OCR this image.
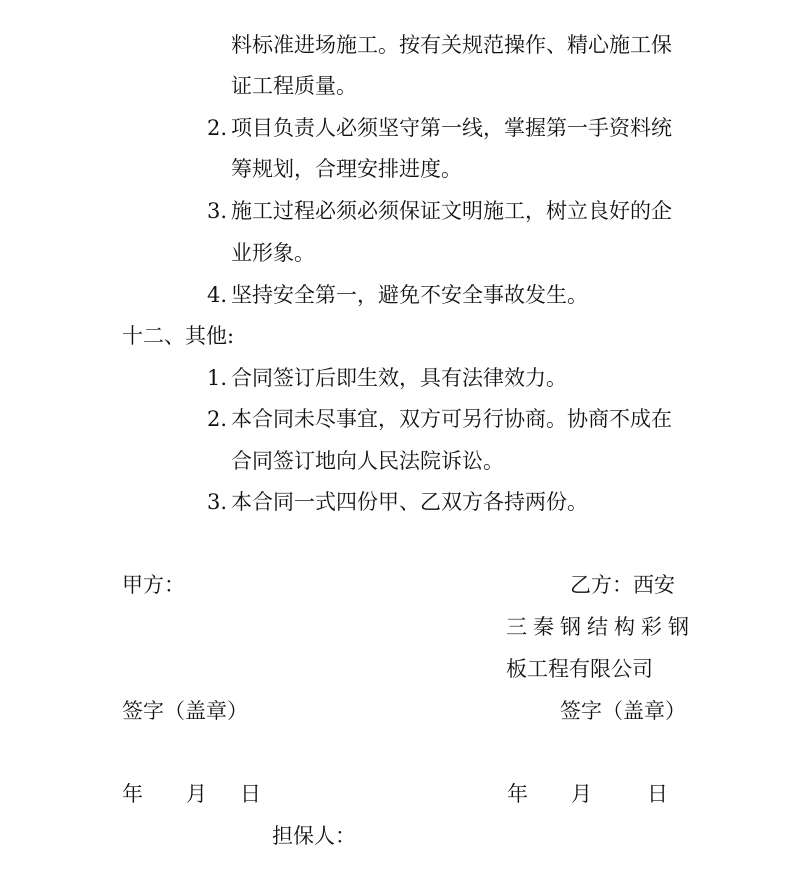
料标准进场施工。按有关规范操作、精心施工保
证工程质量。
2. 项目负责人必须坚守第一线，掌握第一手资料统
筹规划，合理安排进度。
3. 施工过程必须必须保证文明施工，树立良好的企
业形象。
4. 坚持安全第一，避免不安全事故发生。
十二、其他:
1. 合同签订后即生效，具有法律效力。
2. 本合同未尽事宜，双方可另行协商。协商不成在
合同签订地向人民法院诉讼。
3. 本合同一式四份甲、乙双方各持两份。
甲方：	乙方：西安
三秦钢结构彩钢
板工程有限公司
签字（盖章）	签字（盖章）
年 月 日	年 月	日
担保人：
